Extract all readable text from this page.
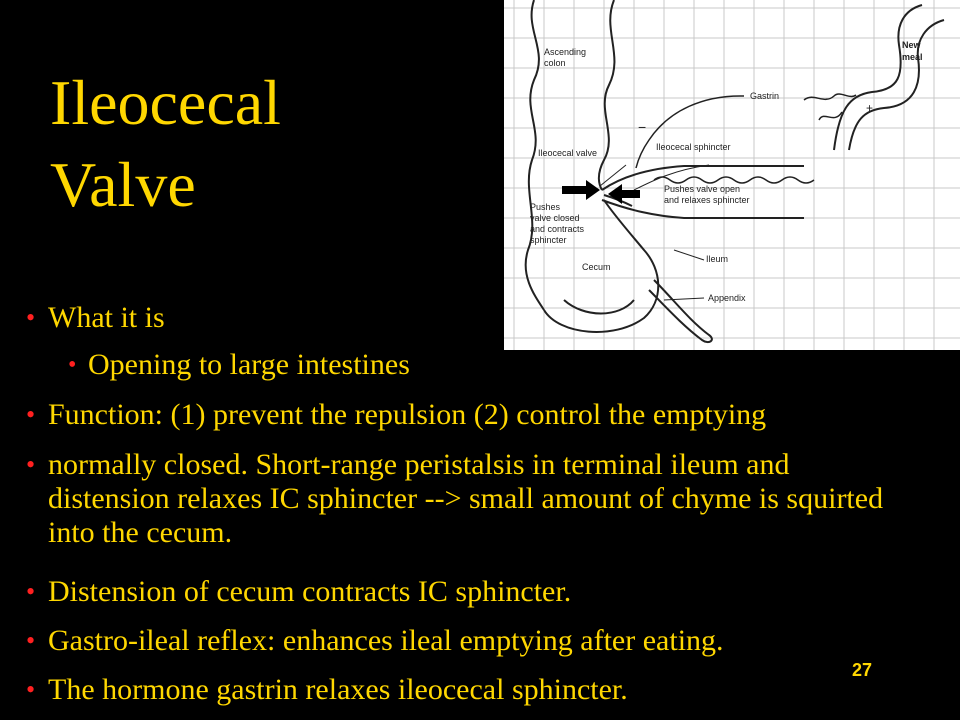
Ileocecal
Valve
Ascending
colon
New
meal
Gastrin
Ileocecal valve
Ileocecal sphincter
Pushes valve open
and relaxes sphincter
Pushes
valve closed
and contracts
sphincter
Cecum
Ileum
Appendix
−
+
• What it is
• Opening to large intestines
• Function: (1) prevent the repulsion (2) control the emptying
• normally closed. Short-range peristalsis in terminal ileum and distension relaxes IC sphincter --> small amount of chyme is squirted into the cecum.
• Distension of cecum contracts IC sphincter.
• Gastro-ileal reflex: enhances ileal emptying after eating.
• The hormone gastrin relaxes ileocecal sphincter.
27
